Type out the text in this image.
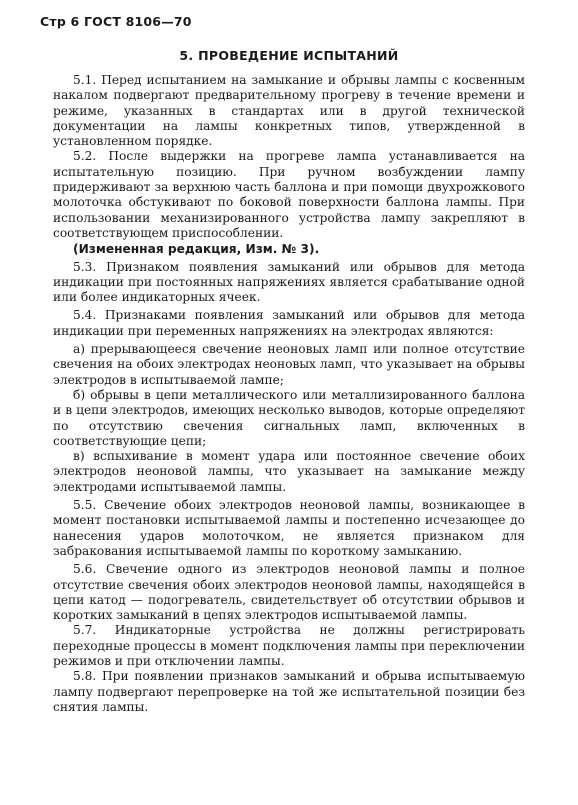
Стр 6 ГОСТ 8106—70
5. ПРОВЕДЕНИЕ ИСПЫТАНИЙ

5.1. Перед испытанием на замыкание и обрывы лампы с косвенным накалом подвергают предварительному прогреву в течение времени и режиме, указанных в стандартах или в другой технической документации на лампы конкретных типов, утвержденной в установленном порядке.

5.2. После выдержки на прогреве лампа устанавливается на испытательную позицию. При ручном возбуждении лампу придерживают за верхнюю часть баллона и при помощи двухрожкового молоточка обстукивают по боковой поверхности баллона лампы. При использовании механизированного устройства лампу закрепляют в соответствующем приспособлении.

(Измененная редакция, Изм. № 3).

5.3. Признаком появления замыканий или обрывов для метода индикации при постоянных напряжениях является срабатывание одной или более индикаторных ячеек.

5.4. Признаками появления замыканий или обрывов для метода индикации при переменных напряжениях на электродах являются:

а) прерывающееся свечение неоновых ламп или полное отсутствие свечения на обоих электродах неоновых ламп, что указывает на обрывы электродов в испытываемой лампе;

б) обрывы в цепи металлического или металлизированного баллона и в цепи электродов, имеющих несколько выводов, которые определяют по отсутствию свечения сигнальных ламп, включенных в соответствующие цепи;

в) вспыхивание в момент удара или постоянное свечение обоих электродов неоновой лампы, что указывает на замыкание между электродами испытываемой лампы.

5.5. Свечение обоих электродов неоновой лампы, возникающее в момент постановки испытываемой лампы и постепенно исчезающее до нанесения ударов молоточком, не является признаком для забракования испытываемой лампы по короткому замыканию.

5.6. Свечение одного из электродов неоновой лампы и полное отсутствие свечения обоих электродов неоновой лампы, находящейся в цепи катод — подогреватель, свидетельствует об отсутствии обрывов и коротких замыканий в цепях электродов испытываемой лампы.

5.7. Индикаторные устройства не должны регистрировать переходные процессы в момент подключения лампы при переключении режимов и при отключении лампы.

5.8. При появлении признаков замыканий и обрыва испытываемую лампу подвергают перепроверке на той же испытательной позиции без снятия лампы.
